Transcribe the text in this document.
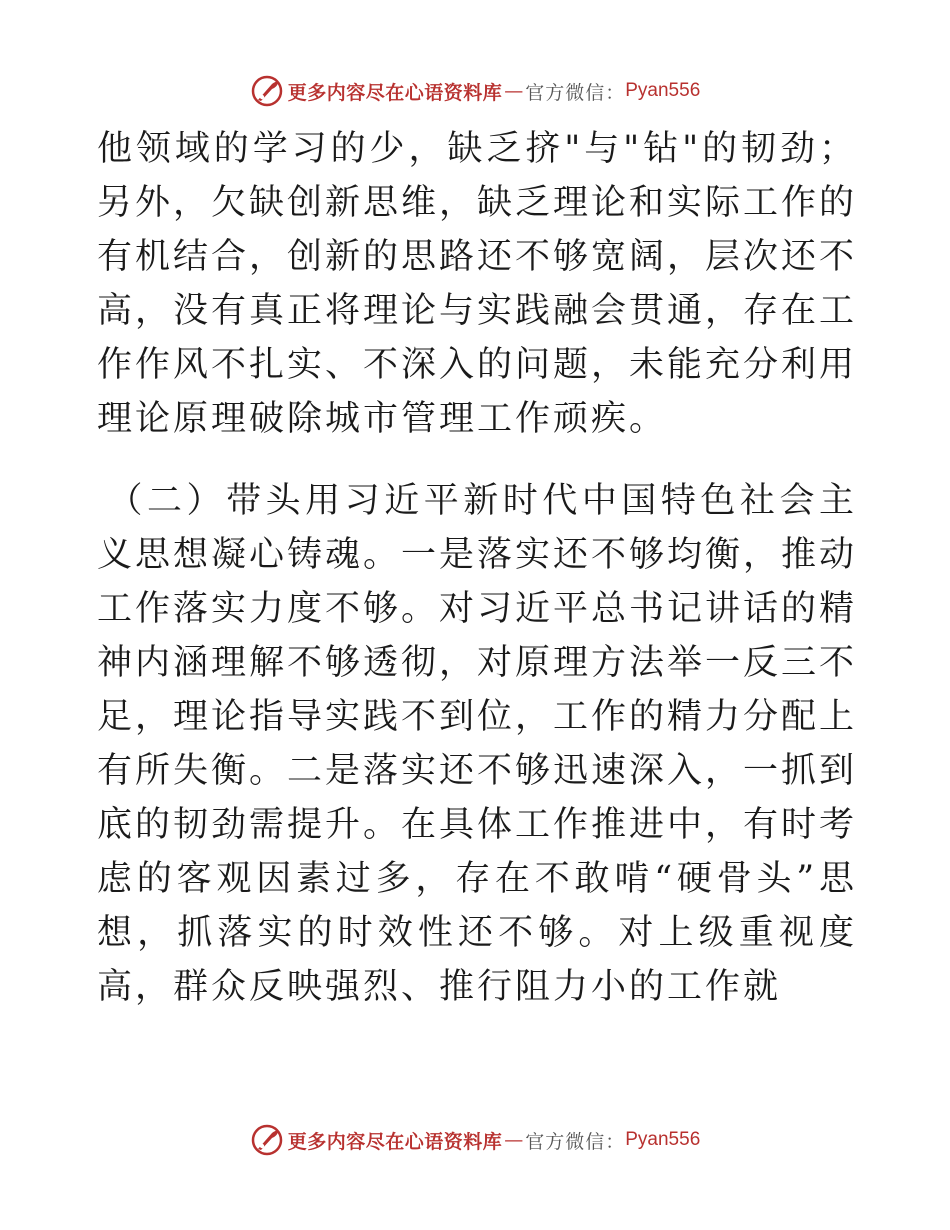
更多内容尽在心语资料库 — 官方微信： Pyan556

他领域的学习的少，缺乏挤"与"钻"的韧劲；另外，欠缺创新思维，缺乏理论和实际工作的有机结合，创新的思路还不够宽阔，层次还不高，没有真正将理论与实践融会贯通，存在工作作风不扎实、不深入的问题，未能充分利用理论原理破除城市管理工作顽疾。

（二）带头用习近平新时代中国特色社会主义思想凝心铸魂。一是落实还不够均衡，推动工作落实力度不够。对习近平总书记讲话的精神内涵理解不够透彻，对原理方法举一反三不足，理论指导实践不到位，工作的精力分配上有所失衡。二是落实还不够迅速深入，一抓到底的韧劲需提升。在具体工作推进中，有时考虑的客观因素过多，存在不敢啃“硬骨头”思想，抓落实的时效性还不够。对上级重视度高，群众反映强烈、推行阻力小的工作就

更多内容尽在心语资料库 — 官方微信： Pyan556
